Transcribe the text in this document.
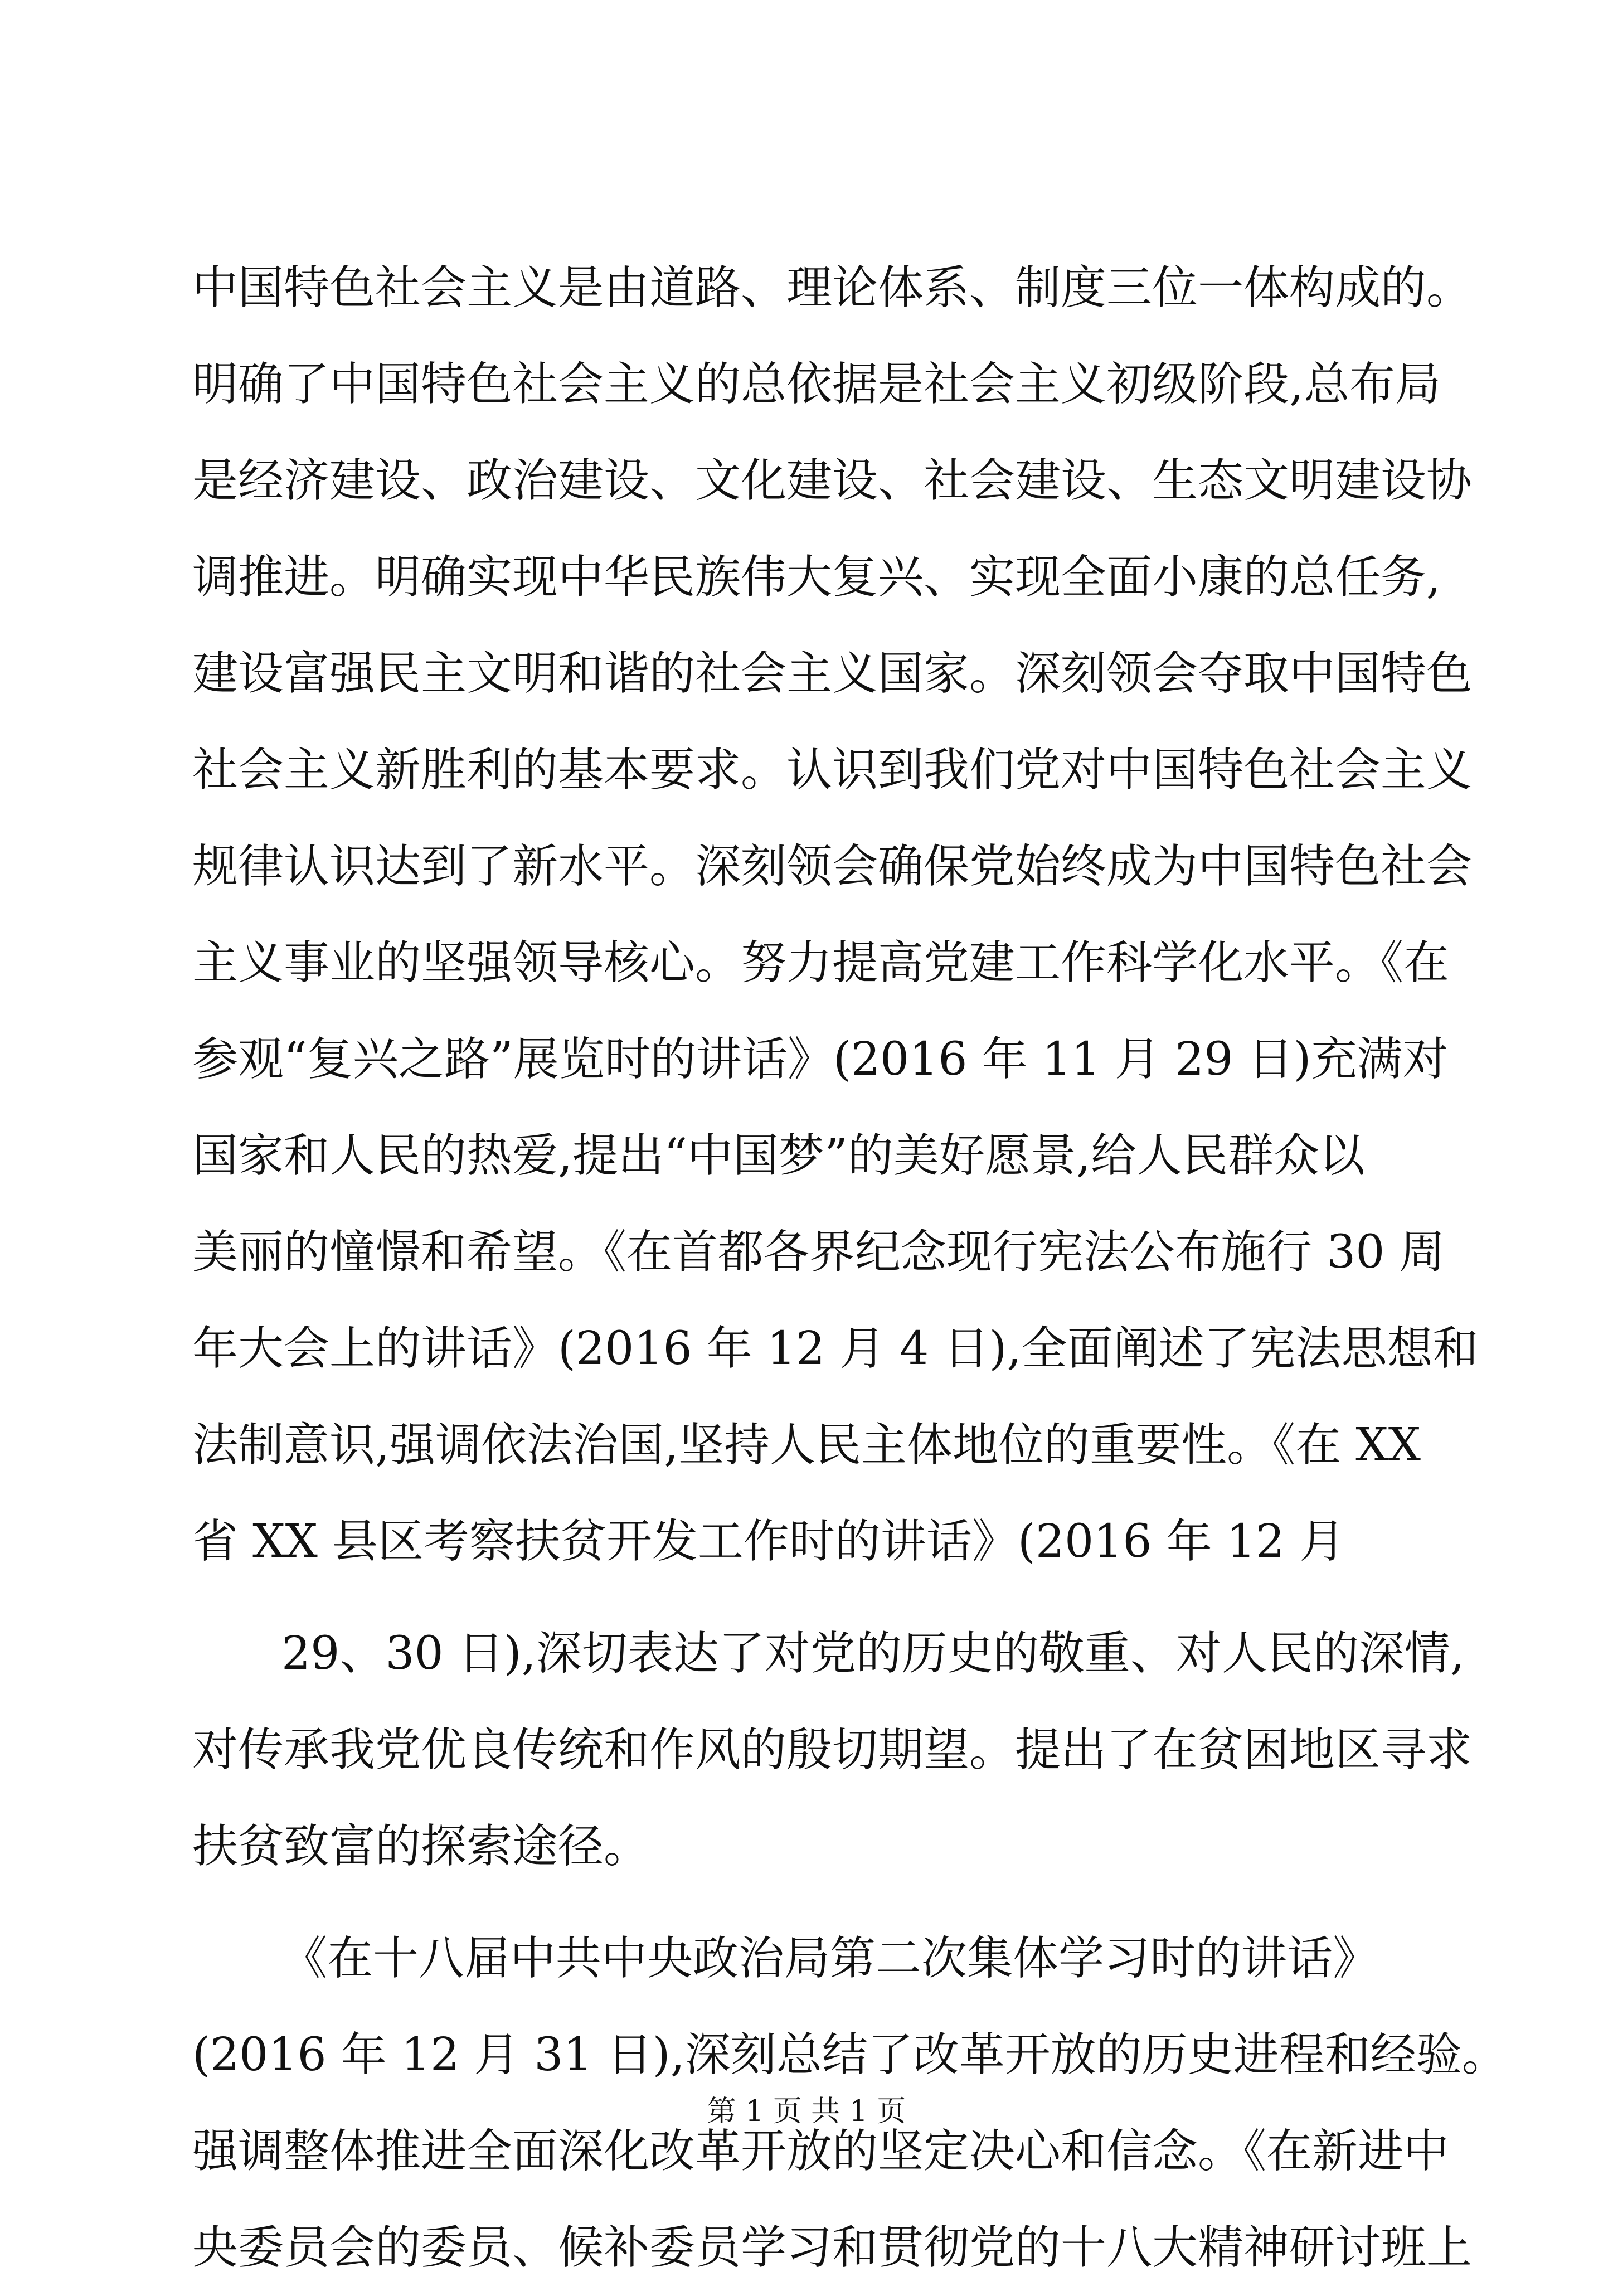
中国特色社会主义是由道路、理论体系、制度三位一体构成的。
明确了中国特色社会主义的总依据是社会主义初级阶段,总布局
是经济建设、政治建设、文化建设、社会建设、生态文明建设协
调推进。明确实现中华民族伟大复兴、实现全面小康的总任务,
建设富强民主文明和谐的社会主义国家。深刻领会夺取中国特色
社会主义新胜利的基本要求。认识到我们党对中国特色社会主义
规律认识达到了新水平。深刻领会确保党始终成为中国特色社会
主义事业的坚强领导核心。努力提高党建工作科学化水平。《在
参观“复兴之路”展览时的讲话》(2016 年 11 月 29 日)充满对
国家和人民的热爱,提出“中国梦”的美好愿景,给人民群众以
美丽的憧憬和希望。《在首都各界纪念现行宪法公布施行 30 周
年大会上的讲话》(2016 年 12 月 4 日),全面阐述了宪法思想和
法制意识,强调依法治国,坚持人民主体地位的重要性。《在 XX
省 XX 县区考察扶贫开发工作时的讲话》(2016 年 12 月
29、30 日),深切表达了对党的历史的敬重、对人民的深情,
对传承我党优良传统和作风的殷切期望。提出了在贫困地区寻求
扶贫致富的探索途径。
《在十八届中共中央政治局第二次集体学习时的讲话》
(2016 年 12 月 31 日),深刻总结了改革开放的历史进程和经验。
强调整体推进全面深化改革开放的坚定决心和信念。《在新进中
央委员会的委员、候补委员学习和贯彻党的十八大精神研讨班上
第 1 页 共 1 页
